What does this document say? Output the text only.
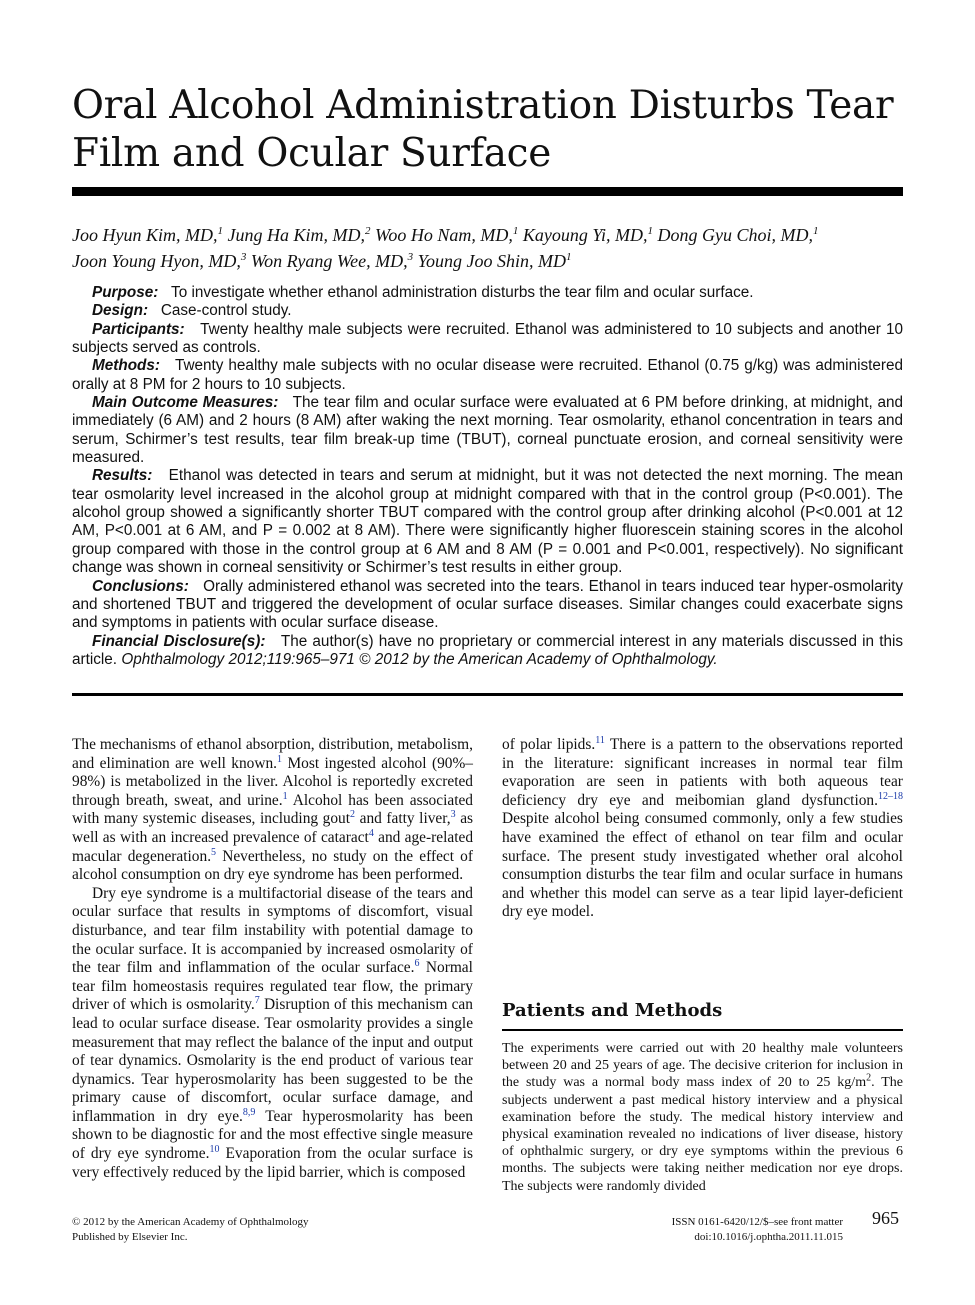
Oral Alcohol Administration Disturbs Tear Film and Ocular Surface
Joo Hyun Kim, MD,$^1$ Jung Ha Kim, MD,$^2$ Woo Ho Nam, MD,$^1$ Kayoung Yi, MD,$^1$ Dong Gyu Choi, MD,$^1$
Joon Young Hyon, MD,$^3$ Won Ryang Wee, MD,$^3$ Young Joo Shin, $MD^1$

Purpose: To investigate whether ethanol administration disturbs the tear film and ocular surface.

Design: Case-control study.

Participants: Twenty healthy male subjects were recruited. Ethanol was administered to 10 subjects and another 10 subjects served as controls.

Methods: Twenty healthy male subjects with no ocular disease were recruited. Ethanol (0.75 g/kg) was administered orally at 8 PM for 2 hours to 10 subjects.

Main Outcome Measures: The tear film and ocular surface were evaluated at 6 PM before drinking, at midnight, and immediately (6 AM) and 2 hours (8 AM) after waking the next morning. Tear osmolarity, ethanol concentration in tears and serum, Schirmer’s test results, tear film break-up time (TBUT), corneal punctuate erosion, and corneal sensitivity were measured.

Results: Ethanol was detected in tears and serum at midnight, but it was not detected the next morning. The mean tear osmolarity level increased in the alcohol group at midnight compared with that in the control group (P<0.001). The alcohol group showed a significantly shorter TBUT compared with the control group after drinking alcohol (P<0.001 at 12 AM, P<0.001 at 6 AM, and P = 0.002 at 8 AM). There were significantly higher fluorescein staining scores in the alcohol group compared with those in the control group at 6 AM and 8 AM (P = 0.001 and P<0.001, respectively). No significant change was shown in corneal sensitivity or Schirmer’s test results in either group.

Conclusions: Orally administered ethanol was secreted into the tears. Ethanol in tears induced tear hyper-osmolarity and shortened TBUT and triggered the development of ocular surface diseases. Similar changes could exacerbate signs and symptoms in patients with ocular surface disease.

Financial Disclosure(s): The author(s) have no proprietary or commercial interest in any materials discussed in this article. Ophthalmology 2012;119:965–971 © 2012 by the American Academy of Ophthalmology.

The mechanisms of ethanol absorption, distribution, metabolism, and elimination are well known.$^1$ Most ingested alcohol (90%–98%) is metabolized in the liver. Alcohol is reportedly excreted through breath, sweat, and urine.$^1$ Alcohol has been associated with many systemic diseases, including gout$^2$ and fatty liver,$^3$ as well as with an increased prevalence of cataract$^4$ and age-related macular degeneration.$^5$ Nevertheless, no study on the effect of alcohol consumption on dry eye syndrome has been performed.

Dry eye syndrome is a multifactorial disease of the tears and ocular surface that results in symptoms of discomfort, visual disturbance, and tear film instability with potential damage to the ocular surface. It is accompanied by increased osmolarity of the tear film and inflammation of the ocular surface.$^6$ Normal tear film homeostasis requires regulated tear flow, the primary driver of which is osmolarity.$^7$ Disruption of this mechanism can lead to ocular surface disease. Tear osmolarity provides a single measurement that may reflect the balance of the input and output of tear dynamics. Osmolarity is the end product of various tear dynamics. Tear hyperosmolarity has been suggested to be the primary cause of discomfort, ocular surface damage, and inflammation in dry eye.$^{8,9}$ Tear hyperosmolarity has been shown to be diagnostic for and the most effective single measure of dry eye syndrome.$^{10}$ Evaporation from the ocular surface is very effectively reduced by the lipid barrier, which is composed

of polar lipids.$^{11}$ There is a pattern to the observations reported in the literature: significant increases in normal tear film evaporation are seen in patients with both aqueous tear deficiency dry eye and meibomian gland dysfunction.$^{12-18}$ Despite alcohol being consumed commonly, only a few studies have examined the effect of ethanol on tear film and ocular surface. The present study investigated whether oral alcohol consumption disturbs the tear film and ocular surface in humans and whether this model can serve as a tear lipid layer-deficient dry eye model.

Patients and Methods

The experiments were carried out with 20 healthy male volunteers between 20 and 25 years of age. The decisive criterion for inclusion in the study was a normal body mass index of 20 to 25 $kg/m^2$. The subjects underwent a past medical history interview and a physical examination before the study. The medical history interview and physical examination revealed no indications of liver disease, history of ophthalmic surgery, or dry eye symptoms within the previous 6 months. The subjects were taking neither medication nor eye drops. The subjects were randomly divided

© 2012 by the American Academy of Ophthalmology
Published by Elsevier Inc.
ISSN 0161-6420/12/$–see front matter
doi:10.1016/j.ophtha.2011.11.015
965
